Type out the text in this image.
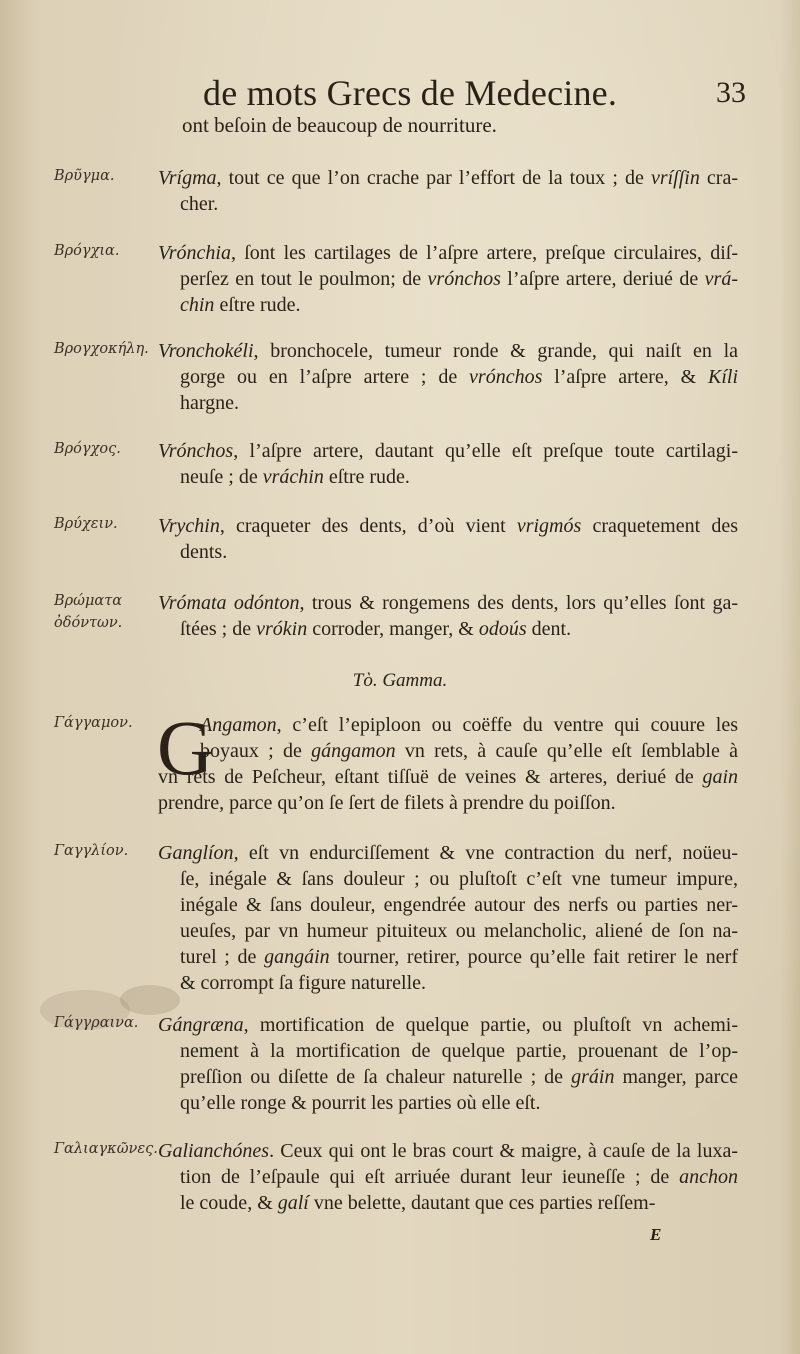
de mots Grecs de Medecine.	33
ont beſoin de beaucoup de nourriture.
Βρῦγμα.	Vrígma, tout ce que l’on crache par l’effort de la toux ; de vríſſin cra-
cher.
Βρόγχια.	Vrónchia, ſont les cartilages de l’aſpre artere, preſque circulaires, diſ-
perſez en tout le poulmon; de vrónchos l’aſpre artere, deriué de vrá-
chin eſtre rude.
Βρογχοκήλη. Vronchokéli, bronchocele, tumeur ronde & grande, qui naiſt en la
gorge ou en l’aſpre artere ; de vrónchos l’aſpre artere, & Kíli
hargne.
Βρόγχος.	Vrónchos, l’aſpre artere, dautant qu’elle eſt preſque toute cartilagi-
neuſe ; de vráchin eſtre rude.
Βρύχειν.	Vrychin, craqueter des dents, d’où vient vrigmós craquetement des
dents.
Βρώματα
ὀδόντων.
Vrómata odónton, trous & rongemens des dents, lors qu’elles ſont ga-
ſtées ; de vrókin corroder, manger, & odoús dent.
Τὸ. Gamma.
G
Γάγγαμον.	Angamon, c’eſt l’epiploon ou coëffe du ventre qui couure les
boyaux ; de gángamon vn rets, à cauſe qu’elle eſt ſemblable à
vn rets de Peſcheur, eſtant tiſſuë de veines & arteres, deriué de gain
prendre, parce qu’on ſe ſert de filets à prendre du poiſſon.
Γαγγλίον.	Ganglíon, eſt vn endurciſſement & vne contraction du nerf, noüeu-
ſe, inégale & ſans douleur ; ou pluſtoſt c’eſt vne tumeur impure,
inégale & ſans douleur, engendrée autour des nerfs ou parties ner-
ueuſes, par vn humeur pituiteux ou melancholic, aliené de ſon na-
turel ; de gangáin tourner, retirer, pource qu’elle fait retirer le nerf
& corrompt ſa figure naturelle.
Γάγγραινα. Gángræna, mortification de quelque partie, ou pluſtoſt vn achemi-
nement à la mortification de quelque partie, prouenant de l’op-
preſſion ou diſette de ſa chaleur naturelle ; de gráin manger, parce
qu’elle ronge & pourrit les parties où elle eſt.
Γαλιαγκῶνες. Galianchónes. Ceux qui ont le bras court & maigre, à cauſe de la luxa-
tion de l’eſpaule qui eſt arriuée durant leur ieuneſſe ; de anchon
le coude, & galí vne belette, dautant que ces parties reſſem-
E
